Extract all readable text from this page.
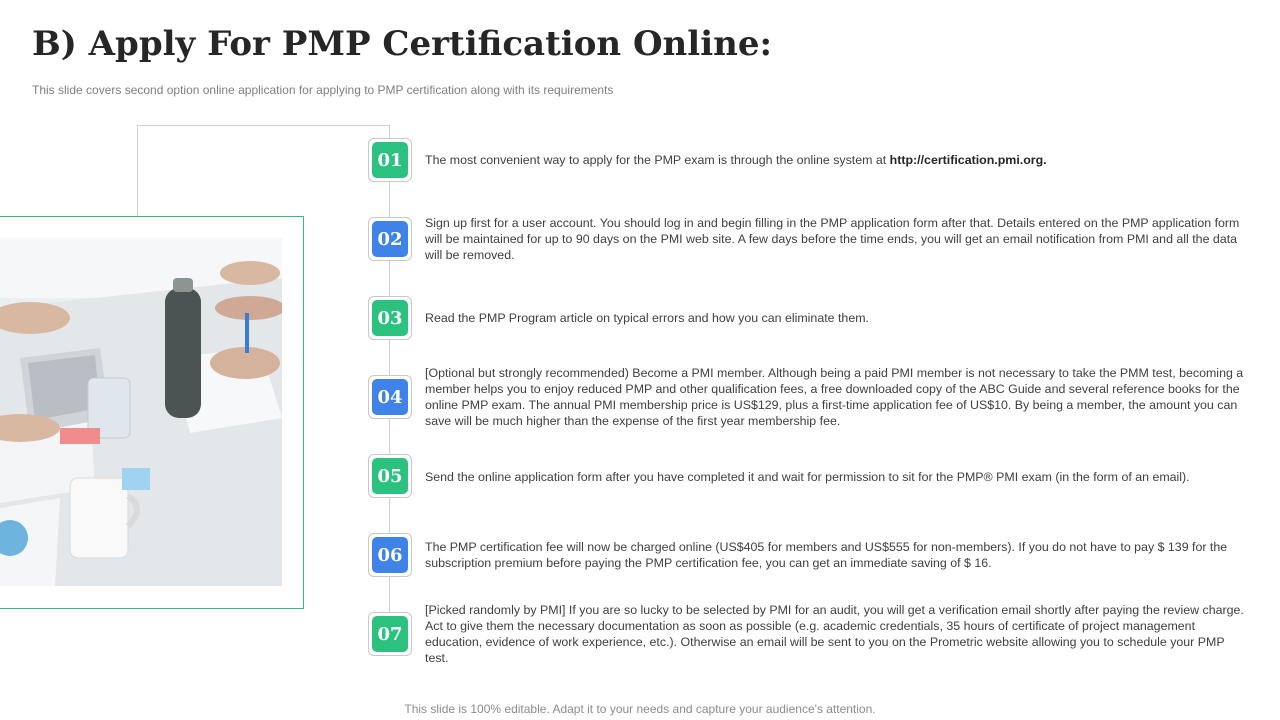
B) Apply For PMP Certification Online:
This slide covers second option online application for applying to PMP certification along with its requirements
01	The most convenient way to apply for the PMP exam is through the online system at http://certification.pmi.org.
02
Sign up first for a user account. You should log in and begin filling in the PMP application form after that. Details entered on the PMP application form will be maintained for up to 90 days on the PMI web site. A few days before the time ends, you will get an email notification from PMI and all the data will be removed.
03	Read the PMP Program article on typical errors and how you can eliminate them.
04
[Optional but strongly recommended) Become a PMI member. Although being a paid PMI member is not necessary to take the PMM test, becoming a member helps you to enjoy reduced PMP and other qualification fees, a free downloaded copy of the ABC Guide and several reference books for the online PMP exam. The annual PMI membership price is US$129, plus a first-time application fee of US$10. By being a member, the amount you can save will be much higher than the expense of the first year membership fee.
05	Send the online application form after you have completed it and wait for permission to sit for the PMP® PMI exam (in the form of an email).
06	The PMP certification fee will now be charged online (US$405 for members and US$555 for non-members). If you do not have to pay $ 139 for the subscription premium before paying the PMP certification fee, you can get an immediate saving of $ 16.
07
[Picked randomly by PMI] If you are so lucky to be selected by PMI for an audit, you will get a verification email shortly after paying the review charge. Act to give them the necessary documentation as soon as possible (e.g. academic credentials, 35 hours of certificate of project management education, evidence of work experience, etc.). Otherwise an email will be sent to you on the Prometric website allowing you to schedule your PMP test.
This slide is 100% editable. Adapt it to your needs and capture your audience's attention.
